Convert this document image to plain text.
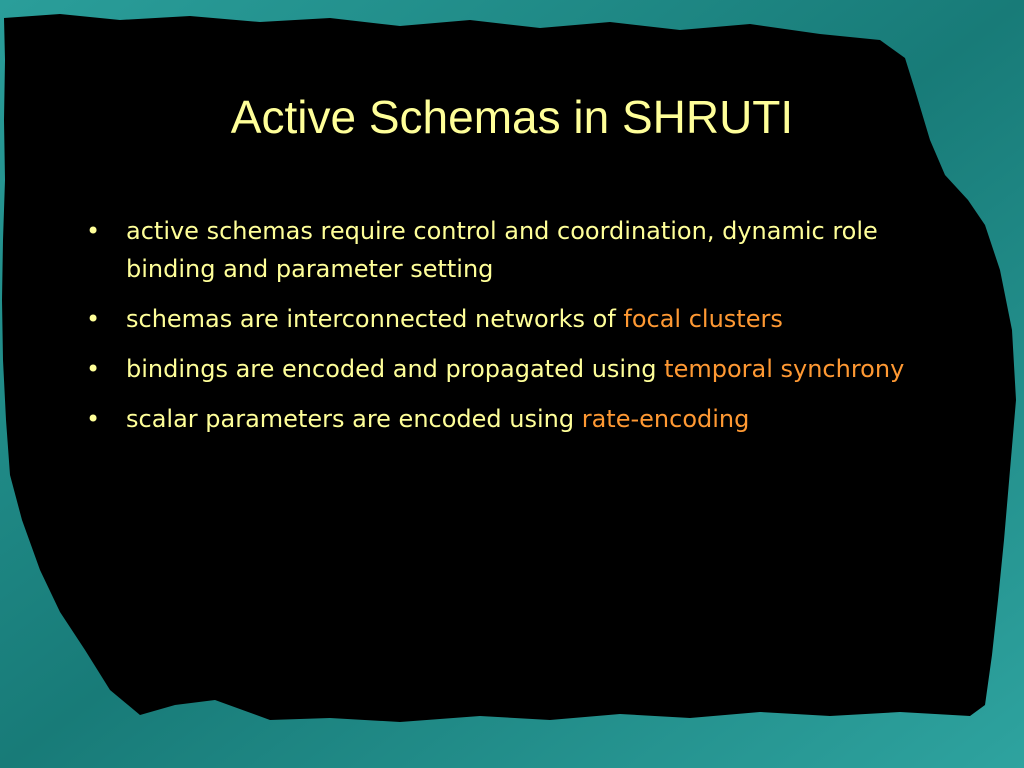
Active Schemas in SHRUTI
• active schemas require control and coordination, dynamic role binding and parameter setting
• schemas are interconnected networks of focal clusters
• bindings are encoded and propagated using temporal synchrony
• scalar parameters are encoded using rate-encoding
